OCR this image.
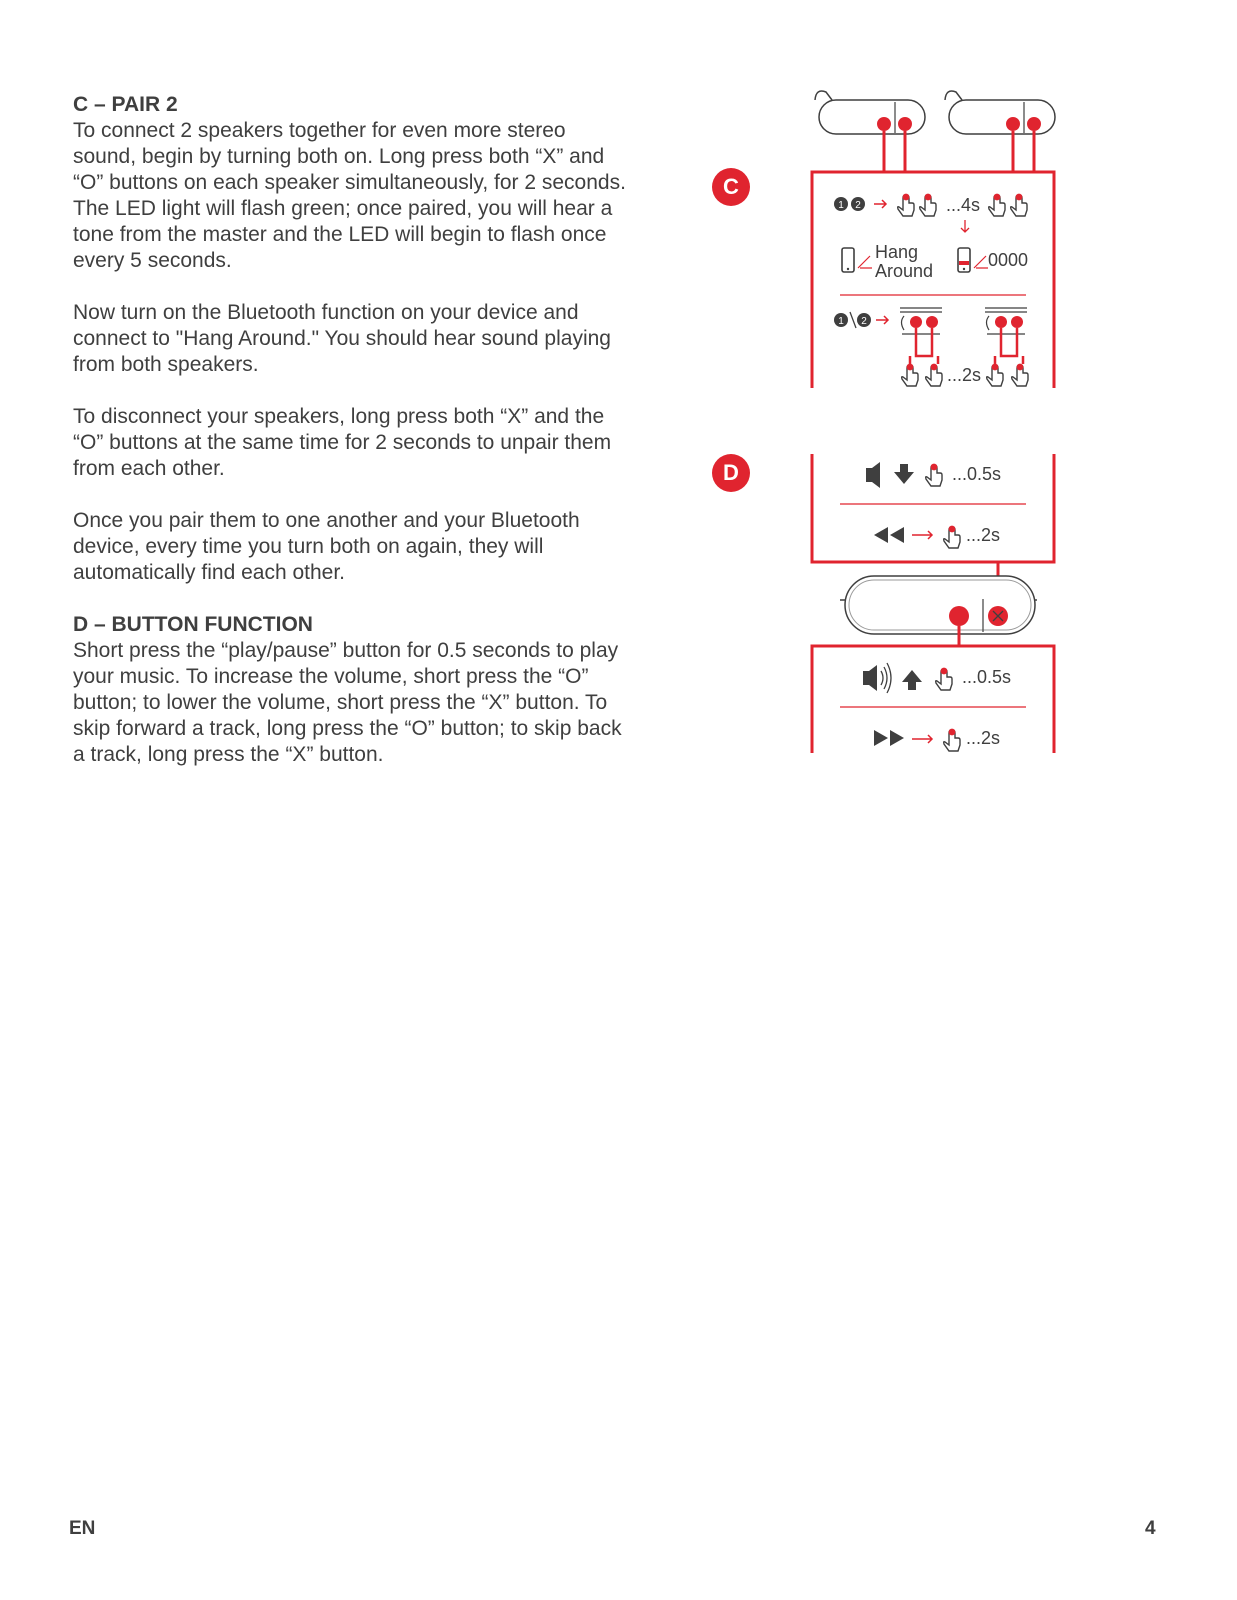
C – PAIR 2

To connect 2 speakers together for even more stereo sound, begin by turning both on. Long press both “X” and “O” buttons on each speaker simultaneously, for 2 seconds. The LED light will flash green; once paired, you will hear a tone from the master and the LED will begin to flash once every 5 seconds.

Now turn on the Bluetooth function on your device and connect to "Hang Around." You should hear sound playing from both speakers.

To disconnect your speakers, long press both “X” and the “O” buttons at the same time for 2 seconds to unpair them from each other.

Once you pair them to one another and your Bluetooth device, every time you turn both on again, they will automatically find each other.

D – BUTTON FUNCTION

Short press the “play/pause” button for 0.5 seconds to play your music. To increase the volume, short press the “O” button; to lower the volume, short press the “X” button. To skip forward a track, long press the “O” button; to skip back a track, long press the “X” button.

C
D
1 2	...4s
Hang
Around
0000
1 2
...2s
...0.5s
...2s
...0.5s
...2s
EN	4
